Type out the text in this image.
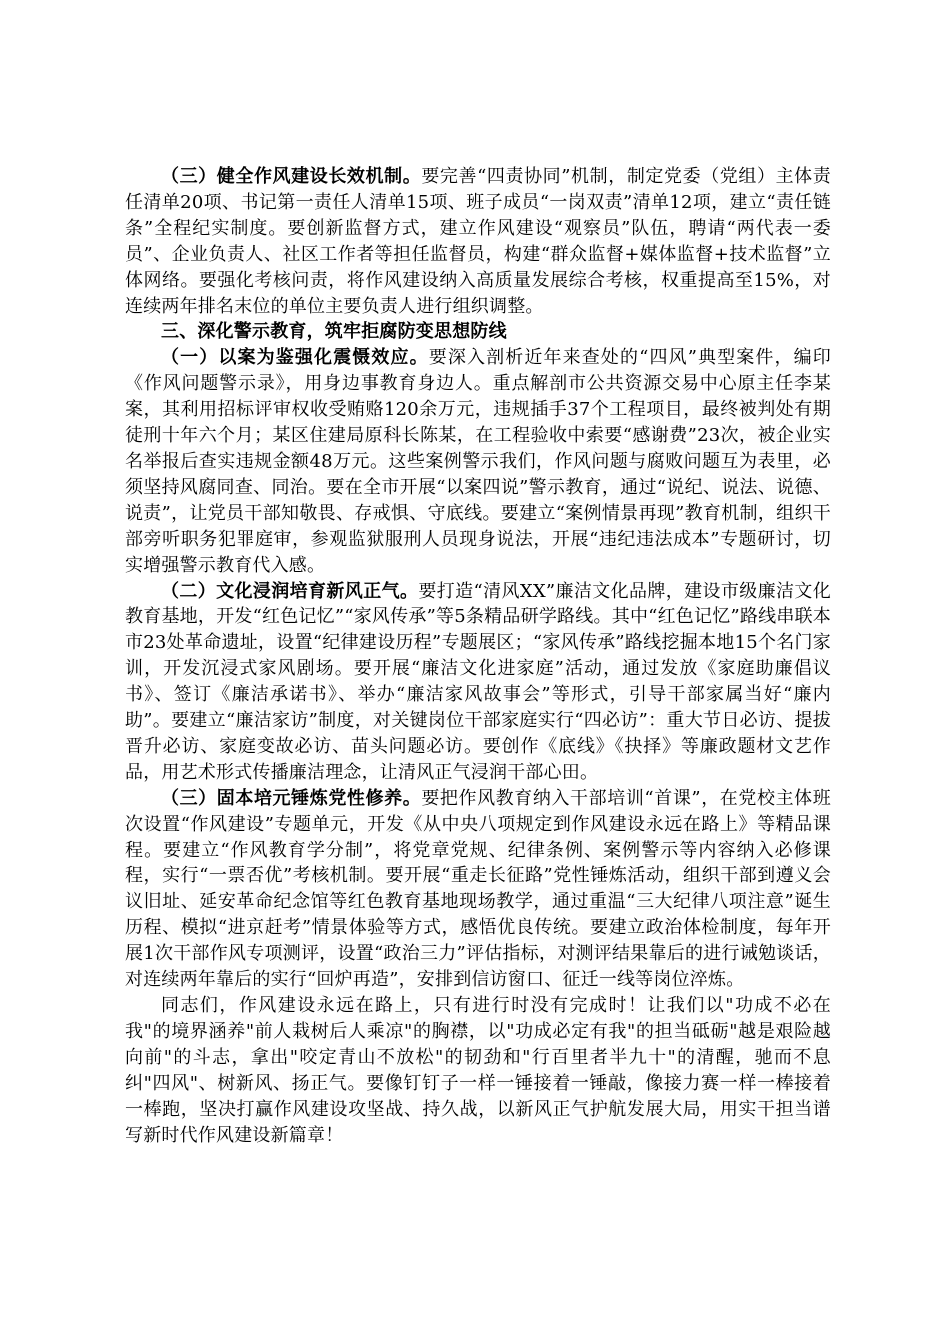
（三）健全作风建设长效机制。要完善“四责协同”机制，制定党委（党组）主体责任清单20项、书记第一责任人清单15项、班子成员“一岗双责”清单12项，建立“责任链条”全程纪实制度。要创新监督方式，建立作风建设“观察员”队伍，聘请“两代表一委员”、企业负责人、社区工作者等担任监督员，构建“群众监督+媒体监督+技术监督”立体网络。要强化考核问责，将作风建设纳入高质量发展综合考核，权重提高至15%，对连续两年排名末位的单位主要负责人进行组织调整。

三、深化警示教育，筑牢拒腐防变思想防线

（一）以案为鉴强化震慑效应。要深入剖析近年来查处的“四风”典型案件，编印《作风问题警示录》，用身边事教育身边人。重点解剖市公共资源交易中心原主任李某案，其利用招标评审权收受贿赂120余万元，违规插手37个工程项目，最终被判处有期徒刑十年六个月；某区住建局原科长陈某，在工程验收中索要“感谢费”23次，被企业实名举报后查实违规金额48万元。这些案例警示我们，作风问题与腐败问题互为表里，必须坚持风腐同查、同治。要在全市开展“以案四说”警示教育，通过“说纪、说法、说德、说责”，让党员干部知敬畏、存戒惧、守底线。要建立“案例情景再现”教育机制，组织干部旁听职务犯罪庭审，参观监狱服刑人员现身说法，开展“违纪违法成本”专题研讨，切实增强警示教育代入感。

（二）文化浸润培育新风正气。要打造“清风XX”廉洁文化品牌，建设市级廉洁文化教育基地，开发“红色记忆”“家风传承”等5条精品研学路线。其中“红色记忆”路线串联本市23处革命遗址，设置“纪律建设历程”专题展区；“家风传承”路线挖掘本地15个名门家训，开发沉浸式家风剧场。要开展“廉洁文化进家庭”活动，通过发放《家庭助廉倡议书》、签订《廉洁承诺书》、举办“廉洁家风故事会”等形式，引导干部家属当好“廉内助”。要建立“廉洁家访”制度，对关键岗位干部家庭实行“四必访”：重大节日必访、提拔晋升必访、家庭变故必访、苗头问题必访。要创作《底线》《抉择》等廉政题材文艺作品，用艺术形式传播廉洁理念，让清风正气浸润干部心田。

（三）固本培元锤炼党性修养。要把作风教育纳入干部培训“首课”，在党校主体班次设置“作风建设”专题单元，开发《从中央八项规定到作风建设永远在路上》等精品课程。要建立“作风教育学分制”，将党章党规、纪律条例、案例警示等内容纳入必修课程，实行“一票否优”考核机制。要开展“重走长征路”党性锤炼活动，组织干部到遵义会议旧址、延安革命纪念馆等红色教育基地现场教学，通过重温“三大纪律八项注意”诞生历程、模拟“进京赶考”情景体验等方式，感悟优良传统。要建立政治体检制度，每年开展1次干部作风专项测评，设置“政治三力”评估指标，对测评结果靠后的进行诫勉谈话，对连续两年靠后的实行“回炉再造”，安排到信访窗口、征迁一线等岗位淬炼。

同志们，作风建设永远在路上，只有进行时没有完成时！让我们以"功成不必在我"的境界涵养"前人栽树后人乘凉"的胸襟，以"功成必定有我"的担当砥砺"越是艰险越向前"的斗志，拿出"咬定青山不放松"的韧劲和"行百里者半九十"的清醒，驰而不息纠"四风"、树新风、扬正气。要像钉钉子一样一锤接着一锤敲，像接力赛一样一棒接着一棒跑，坚决打赢作风建设攻坚战、持久战，以新风正气护航发展大局，用实干担当谱写新时代作风建设新篇章！
